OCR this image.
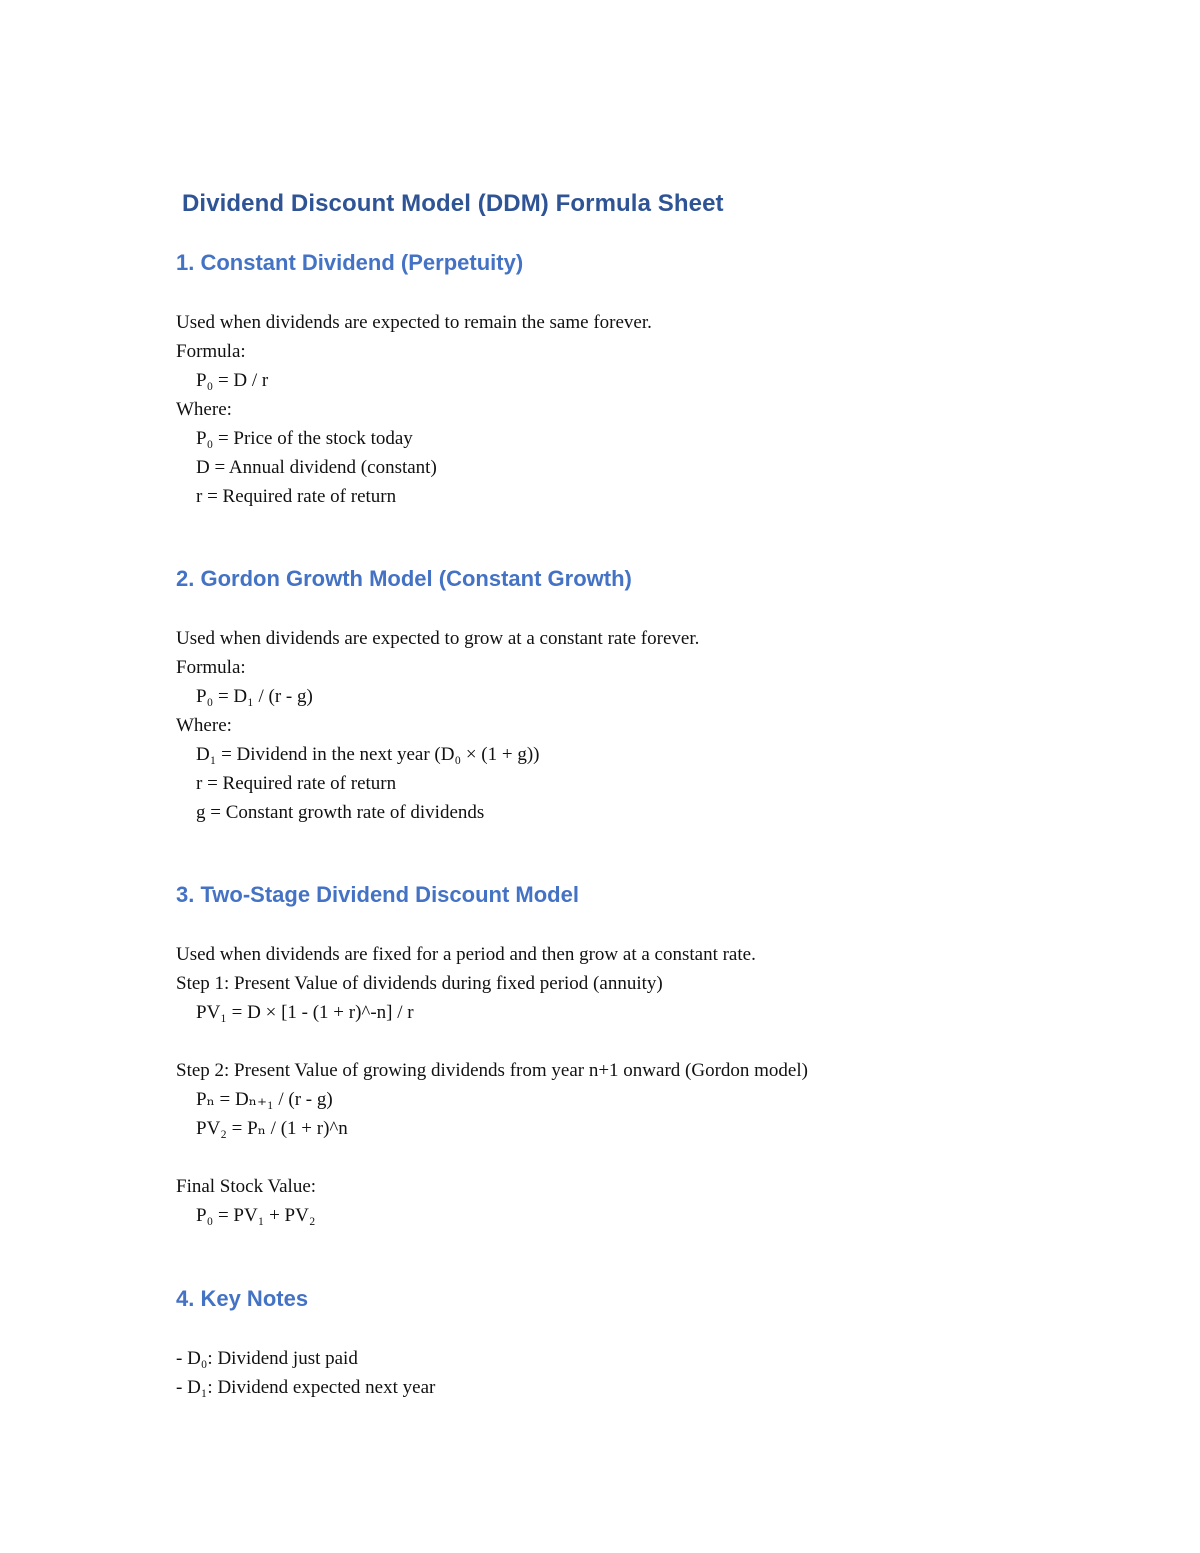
Dividend Discount Model (DDM) Formula Sheet
1. Constant Dividend (Perpetuity)
Used when dividends are expected to remain the same forever.
Formula:
P₀ = D / r
Where:
P₀ = Price of the stock today
D = Annual dividend (constant)
r = Required rate of return
2. Gordon Growth Model (Constant Growth)
Used when dividends are expected to grow at a constant rate forever.
Formula:
P₀ = D₁ / (r - g)
Where:
D₁ = Dividend in the next year (D₀ × (1 + g))
r = Required rate of return
g = Constant growth rate of dividends
3. Two-Stage Dividend Discount Model
Used when dividends are fixed for a period and then grow at a constant rate.
Step 1: Present Value of dividends during fixed period (annuity)
PV₁ = D × [1 - (1 + r)^-n] / r
Step 2: Present Value of growing dividends from year n+1 onward (Gordon model)
Pₙ = Dₙ₊₁ / (r - g)
PV₂ = Pₙ / (1 + r)^n
Final Stock Value:
P₀ = PV₁ + PV₂
4. Key Notes
- D₀: Dividend just paid
- D₁: Dividend expected next year
